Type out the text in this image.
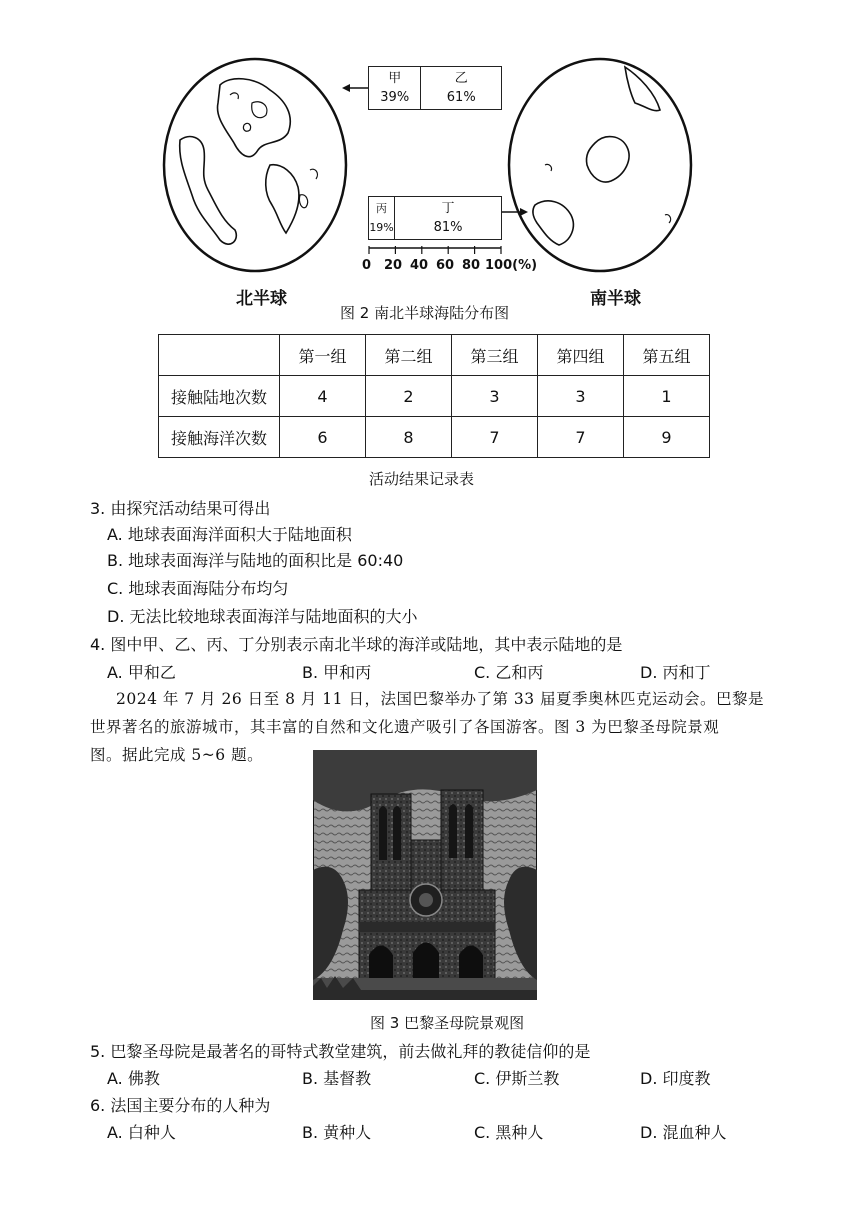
甲
39%
乙
61%
丙
19%
丁
81%
0 20 40 60 80 100(%)
北半球	南半球
图 2 南北半球海陆分布图
	第一组	第二组	第三组	第四组	第五组
接触陆地次数	4	2	3	3	1
接触海洋次数	6	8	7	7	9
活动结果记录表
3. 由探究活动结果可得出
A. 地球表面海洋面积大于陆地面积
B. 地球表面海洋与陆地的面积比是 60:40
C. 地球表面海陆分布均匀
D. 无法比较地球表面海洋与陆地面积的大小
4. 图中甲、乙、丙、丁分别表示南北半球的海洋或陆地，其中表示陆地的是
A. 甲和乙	B. 甲和丙	C. 乙和丙	D. 丙和丁
2024 年 7 月 26 日至 8 月 11 日，法国巴黎举办了第 33 届夏季奥林匹克运动会。巴黎是
世界著名的旅游城市，其丰富的自然和文化遗产吸引了各国游客。图 3 为巴黎圣母院景观
图。据此完成 5~6 题。
图 3 巴黎圣母院景观图
5. 巴黎圣母院是最著名的哥特式教堂建筑，前去做礼拜的教徒信仰的是
A. 佛教	B. 基督教	C. 伊斯兰教	D. 印度教
6. 法国主要分布的人种为
A. 白种人	B. 黄种人	C. 黑种人	D. 混血种人
